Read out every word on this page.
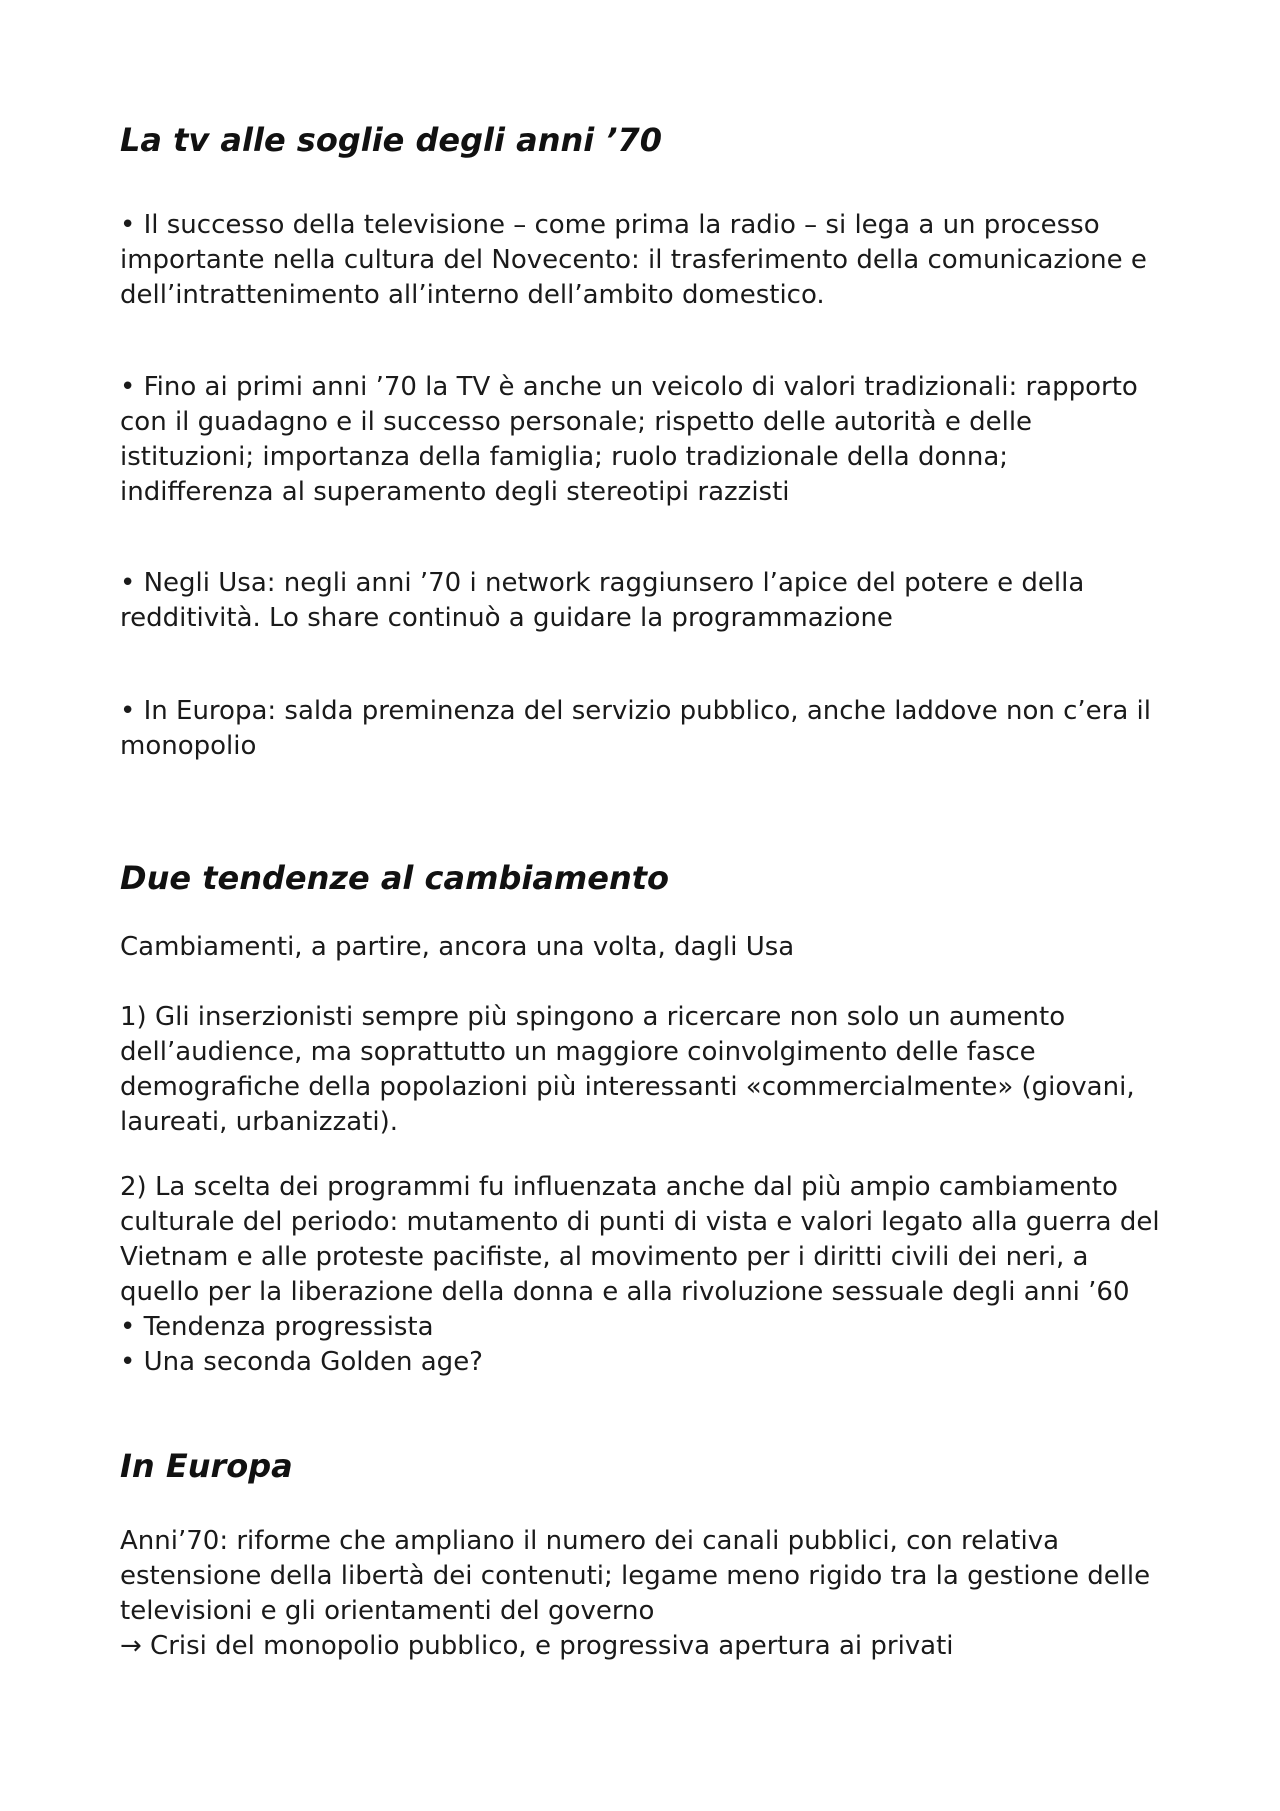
La tv alle soglie degli anni ’70

• Il successo della televisione – come prima la radio – si lega a un processo
importante nella cultura del Novecento: il trasferimento della comunicazione e
dell’intrattenimento all’interno dell’ambito domestico.

• Fino ai primi anni ’70 la TV è anche un veicolo di valori tradizionali: rapporto
con il guadagno e il successo personale; rispetto delle autorità e delle
istituzioni; importanza della famiglia; ruolo tradizionale della donna;
indifferenza al superamento degli stereotipi razzisti

• Negli Usa: negli anni ’70 i network raggiunsero l’apice del potere e della
redditività. Lo share continuò a guidare la programmazione

• In Europa: salda preminenza del servizio pubblico, anche laddove non c’era il
monopolio

Due tendenze al cambiamento

Cambiamenti, a partire, ancora una volta, dagli Usa

1) Gli inserzionisti sempre più spingono a ricercare non solo un aumento
dell’audience, ma soprattutto un maggiore coinvolgimento delle fasce
demografiche della popolazioni più interessanti «commercialmente» (giovani,
laureati, urbanizzati).

2) La scelta dei programmi fu influenzata anche dal più ampio cambiamento
culturale del periodo: mutamento di punti di vista e valori legato alla guerra del
Vietnam e alle proteste pacifiste, al movimento per i diritti civili dei neri, a
quello per la liberazione della donna e alla rivoluzione sessuale degli anni ’60
• Tendenza progressista
• Una seconda Golden age?

In Europa

Anni’70: riforme che ampliano il numero dei canali pubblici, con relativa
estensione della libertà dei contenuti; legame meno rigido tra la gestione delle
televisioni e gli orientamenti del governo
→ Crisi del monopolio pubblico, e progressiva apertura ai privati
